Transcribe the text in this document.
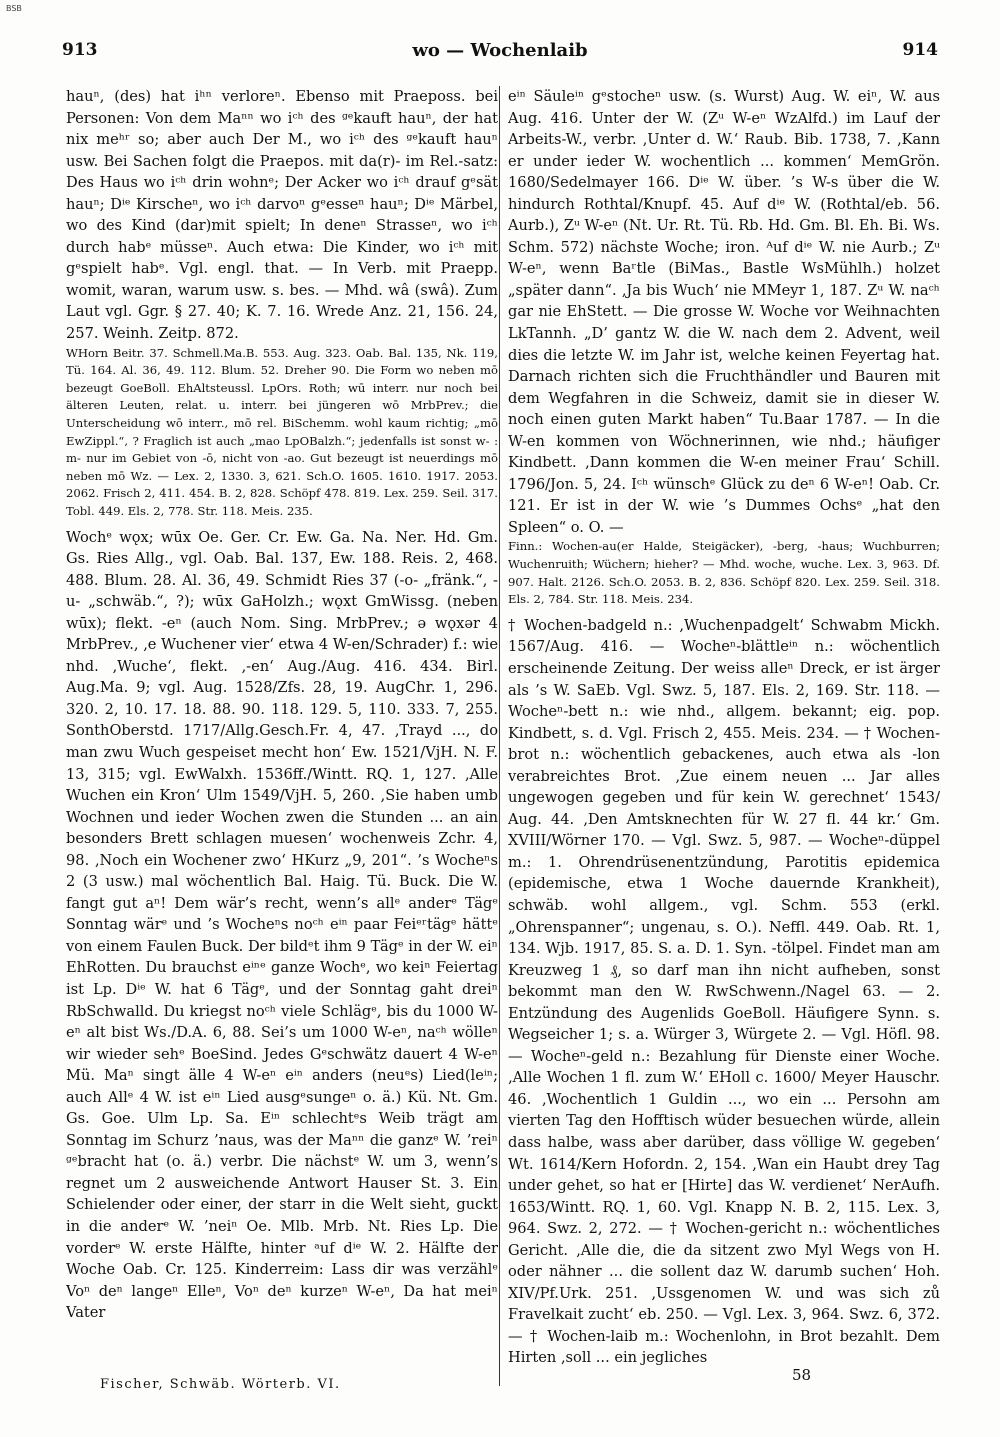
BSB
913	wo — Wochenlaib	914

hauⁿ, (des) hat iʰⁿ verloreⁿ. Ebenso mit Praeposs. bei Personen: Von dem Maⁿⁿ wo iᶜʰ des ᵍᵉkauft hauⁿ, der hat nix meʰʳ so; aber auch Der M., wo iᶜʰ des ᵍᵉkauft hauⁿ usw. Bei Sachen folgt die Praepos. mit da(r)- im Rel.-satz: Des Haus wo iᶜʰ drin wohnᵉ; Der Acker wo iᶜʰ drauf gᵉsät hauⁿ; Dⁱᵉ Kirscheⁿ, wo iᶜʰ darvoⁿ gᵉesseⁿ hauⁿ; Dⁱᵉ Märbel, wo des Kind (dar)mit spielt; In deneⁿ Strasseⁿ, wo iᶜʰ durch habᵉ müsseⁿ. Auch etwa: Die Kinder, wo iᶜʰ mit gᵉspielt habᵉ. Vgl. engl. that. — In Verb. mit Praepp. womit, waran, warum usw. s. bes. — Mhd. wâ (swâ). Zum Laut vgl. Ggr. § 27. 40; K. 7. 16. Wrede Anz. 21, 156. 24, 257. Weinh. Zeitp. 872.

WHorn Beitr. 37. Schmell.Ma.B. 553. Aug. 323. Oab. Bal. 135, Nk. 119, Tü. 164. Al. 36, 49. 112. Blum. 52. Dreher 90. Die Form wo neben mō bezeugt GoeBoll. EhAltsteussl. LpOrs. Roth; wū interr. nur noch bei älteren Leuten, relat. u. interr. bei jüngeren wō MrbPrev.; die Unterscheidung wō interr., mō rel. BiSchemm. wohl kaum richtig; „mō EwZippl.“, ? Fraglich ist auch „mao LpOBalzh.“; jedenfalls ist sonst w- : m- nur im Gebiet von -ō, nicht von -ao. Gut bezeugt ist neuerdings mō neben mō Wz. — Lex. 2, 1330. 3, 621. Sch.O. 1605. 1610. 1917. 2053. 2062. Frisch 2, 411. 454. B. 2, 828. Schöpf 478. 819. Lex. 259. Seil. 317. Tobl. 449. Els. 2, 778. Str. 118. Meis. 235.

Wochᵉ wǫx; wūx Oe. Ger. Cr. Ew. Ga. Na. Ner. Hd. Gm. Gs. Ries Allg., vgl. Oab. Bal. 137, Ew. 188. Reis. 2, 468. 488. Blum. 28. Al. 36, 49. Schmidt Ries 37 (-o- „fränk.“, -u- „schwäb.“, ?); wūx GaHolzh.; wǫxt GmWissg. (neben wūx); flekt. -eⁿ (auch Nom. Sing. MrbPrev.; ə wǫxər 4 MrbPrev., ‚e Wuchener vier‘ etwa 4 W-en/Schrader) f.: wie nhd. ‚Wuche‘, flekt. ‚-en‘ Aug./Aug. 416. 434. Birl. Aug.Ma. 9; vgl. Aug. 1528/Zfs. 28, 19. AugChr. 1, 296. 320. 2, 10. 17. 18. 88. 90. 118. 129. 5, 110. 333. 7, 255. SonthOberstd. 1717/Allg.Gesch.Fr. 4, 47. ‚Trayd ..., do man zwu Wuch gespeiset mecht hon‘ Ew. 1521/VjH. N. F. 13, 315; vgl. EwWalxh. 1536ff./Wintt. RQ. 1, 127. ‚Alle Wuchen ein Kron‘ Ulm 1549/VjH. 5, 260. ‚Sie haben umb Wochnen und ieder Wochen zwen die Stunden ... an ain besonders Brett schlagen muesen‘ wochenweis Zchr. 4, 98. ‚Noch ein Wochener zwo‘ HKurz „9, 201“. ’s Wocheⁿs 2 (3 usw.) mal wöchentlich Bal. Haig. Tü. Buck. Die W. fangt gut aⁿ! Dem wär’s recht, wenn’s allᵉ anderᵉ Tägᵉ Sonntag wärᵉ und ’s Wocheⁿs noᶜʰ eⁱⁿ paar Feiᵉʳtägᵉ hättᵉ von einem Faulen Buck. Der bildᵉt ihm 9 Tägᵉ in der W. eiⁿ EhRotten. Du brauchst eⁱⁿᵉ ganze Wochᵉ, wo keiⁿ Feiertag ist Lp. Dⁱᵉ W. hat 6 Tägᵉ, und der Sonntag gaht dreiⁿ RbSchwalld. Du kriegst noᶜʰ viele Schlägᵉ, bis du 1000 W-eⁿ alt bist Ws./D.A. 6, 88. Sei’s um 1000 W-eⁿ, naᶜʰ wölleⁿ wir wieder sehᵉ BoeSind. Jedes Gᵉschwätz dauert 4 W-eⁿ Mü. Maⁿ singt älle 4 W-eⁿ eⁱⁿ anders (neuᵉs) Lied(leⁱⁿ; auch Allᵉ 4 W. ist eⁱⁿ Lied ausgᵉsungeⁿ o. ä.) Kü. Nt. Gm. Gs. Goe. Ulm Lp. Sa. Eⁱⁿ schlechtᵉs Weib trägt am Sonntag im Schurz ’naus, was der Maⁿⁿ die ganzᵉ W. ’reiⁿ ᵍᵉbracht hat (o. ä.) verbr. Die nächstᵉ W. um 3, wenn’s regnet um 2 ausweichende Antwort Hauser St. 3. Ein Schielender oder einer, der starr in die Welt sieht, guckt in die anderᵉ W. ’neiⁿ Oe. Mlb. Mrb. Nt. Ries Lp. Die vorderᵉ W. erste Hälfte, hinter ᵃuf dⁱᵉ W. 2. Hälfte der Woche Oab. Cr. 125. Kinderreim: Lass dir was verzählᵉ Voⁿ deⁿ langeⁿ Elleⁿ, Voⁿ deⁿ kurzeⁿ W-eⁿ, Da hat meiⁿ Vater

eⁱⁿ Säuleⁱⁿ gᵉstocheⁿ usw. (s. Wurst) Aug. W. eiⁿ, W. aus Aug. 416. Unter der W. (Zᵘ W-eⁿ WzAlfd.) im Lauf der Arbeits-W., verbr. ‚Unter d. W.‘ Raub. Bib. 1738, 7. ‚Kann er under ieder W. wochentlich ... kommen‘ MemGrön. 1680/Sedelmayer 166. Dⁱᵉ W. über. ’s W-s über die W. hindurch Rothtal/Knupf. 45. Auf dⁱᵉ W. (Rothtal/eb. 56. Aurb.), Zᵘ W-eⁿ (Nt. Ur. Rt. Tü. Rb. Hd. Gm. Bl. Eh. Bi. Ws. Schm. 572) nächste Woche; iron. ᴬuf dⁱᵉ W. nie Aurb.; Zᵘ W-eⁿ, wenn Baʳtle (BiMas., Bastle WsMühlh.) holzet „später dann“. ‚Ja bis Wuch‘ nie MMeyr 1, 187. Zᵘ W. naᶜʰ gar nie EhStett. — Die grosse W. Woche vor Weihnachten LkTannh. „D’ gantz W. die W. nach dem 2. Advent, weil dies die letzte W. im Jahr ist, welche keinen Feyertag hat. Darnach richten sich die Fruchthändler und Bauren mit dem Wegfahren in die Schweiz, damit sie in dieser W. noch einen guten Markt haben“ Tu.Baar 1787. — In die W-en kommen von Wöchnerinnen, wie nhd.; häufiger Kindbett. ‚Dann kommen die W-en meiner Frau‘ Schill. 1796/Jon. 5, 24. Iᶜʰ wünschᵉ Glück zu deⁿ 6 W-eⁿ! Oab. Cr. 121. Er ist in der W. wie ’s Dummes Ochsᵉ „hat den Spleen“ o. O. —

Finn.: Wochen-au(er Halde, Steigäcker), -berg, -haus; Wuchburren; Wuchenruith; Wüchern; hieher? — Mhd. woche, wuche. Lex. 3, 963. Df. 907. Halt. 2126. Sch.O. 2053. B. 2, 836. Schöpf 820. Lex. 259. Seil. 318. Els. 2, 784. Str. 118. Meis. 234.

† Wochen-badgeld n.: ‚Wuchenpadgelt‘ Schwabm Mickh. 1567/Aug. 416. — Wocheⁿ-blättleⁱⁿ n.: wöchentlich erscheinende Zeitung. Der weiss alleⁿ Dreck, er ist ärger als ’s W. SaEb. Vgl. Swz. 5, 187. Els. 2, 169. Str. 118. — Wocheⁿ-bett n.: wie nhd., allgem. bekannt; eig. pop. Kindbett, s. d. Vgl. Frisch 2, 455. Meis. 234. — † Wochen-brot n.: wöchentlich gebackenes, auch etwa als -lon verabreichtes Brot. ‚Zue einem neuen ... Jar alles ungewogen gegeben und für kein W. gerechnet‘ 1543/ Aug. 44. ‚Den Amtsknechten für W. 27 fl. 44 kr.‘ Gm. XVIII/Wörner 170. — Vgl. Swz. 5, 987. — Wocheⁿ-düppel m.: 1. Ohrendrüsenentzündung, Parotitis epidemica (epidemische, etwa 1 Woche dauernde Krankheit), schwäb. wohl allgem., vgl. Schm. 553 (erkl. „Ohrenspanner“; ungenau, s. O.). Neffl. 449. Oab. Rt. 1, 134. Wjb. 1917, 85. S. a. D. 1. Syn. -tölpel. Findet man am Kreuzweg 1 ₰, so darf man ihn nicht aufheben, sonst bekommt man den W. RwSchwenn./Nagel 63. — 2. Entzündung des Augenlids GoeBoll. Häufigere Synn. s. Wegseicher 1; s. a. Würger 3, Würgete 2. — Vgl. Höfl. 98. — Wocheⁿ-geld n.: Bezahlung für Dienste einer Woche. ‚Alle Wochen 1 fl. zum W.‘ EHoll c. 1600/ Meyer Hauschr. 46. ‚Wochentlich 1 Guldin ..., wo ein ... Persohn am vierten Tag den Hofftisch wüder besuechen würde, allein dass halbe, wass aber darüber, dass völlige W. gegeben‘ Wt. 1614/Kern Hofordn. 2, 154. ‚Wan ein Haubt drey Tag under gehet, so hat er [Hirte] das W. verdienet‘ NerAufh. 1653/Wintt. RQ. 1, 60. Vgl. Knapp N. B. 2, 115. Lex. 3, 964. Swz. 2, 272. — † Wochen-gericht n.: wöchentliches Gericht. ‚Alle die, die da sitzent zwo Myl Wegs von H. oder nähner ... die sollent daz W. darumb suchen‘ Hoh. XIV/Pf.Urk. 251. ‚Ussgenomen W. und was sich zů Fravelkait zucht‘ eb. 250. — Vgl. Lex. 3, 964. Swz. 6, 372. — † Wochen-laib m.: Wochenlohn, in Brot bezahlt. Dem Hirten ‚soll ... ein jegliches

Fischer, Schwäb. Wörterb. VI.
58
